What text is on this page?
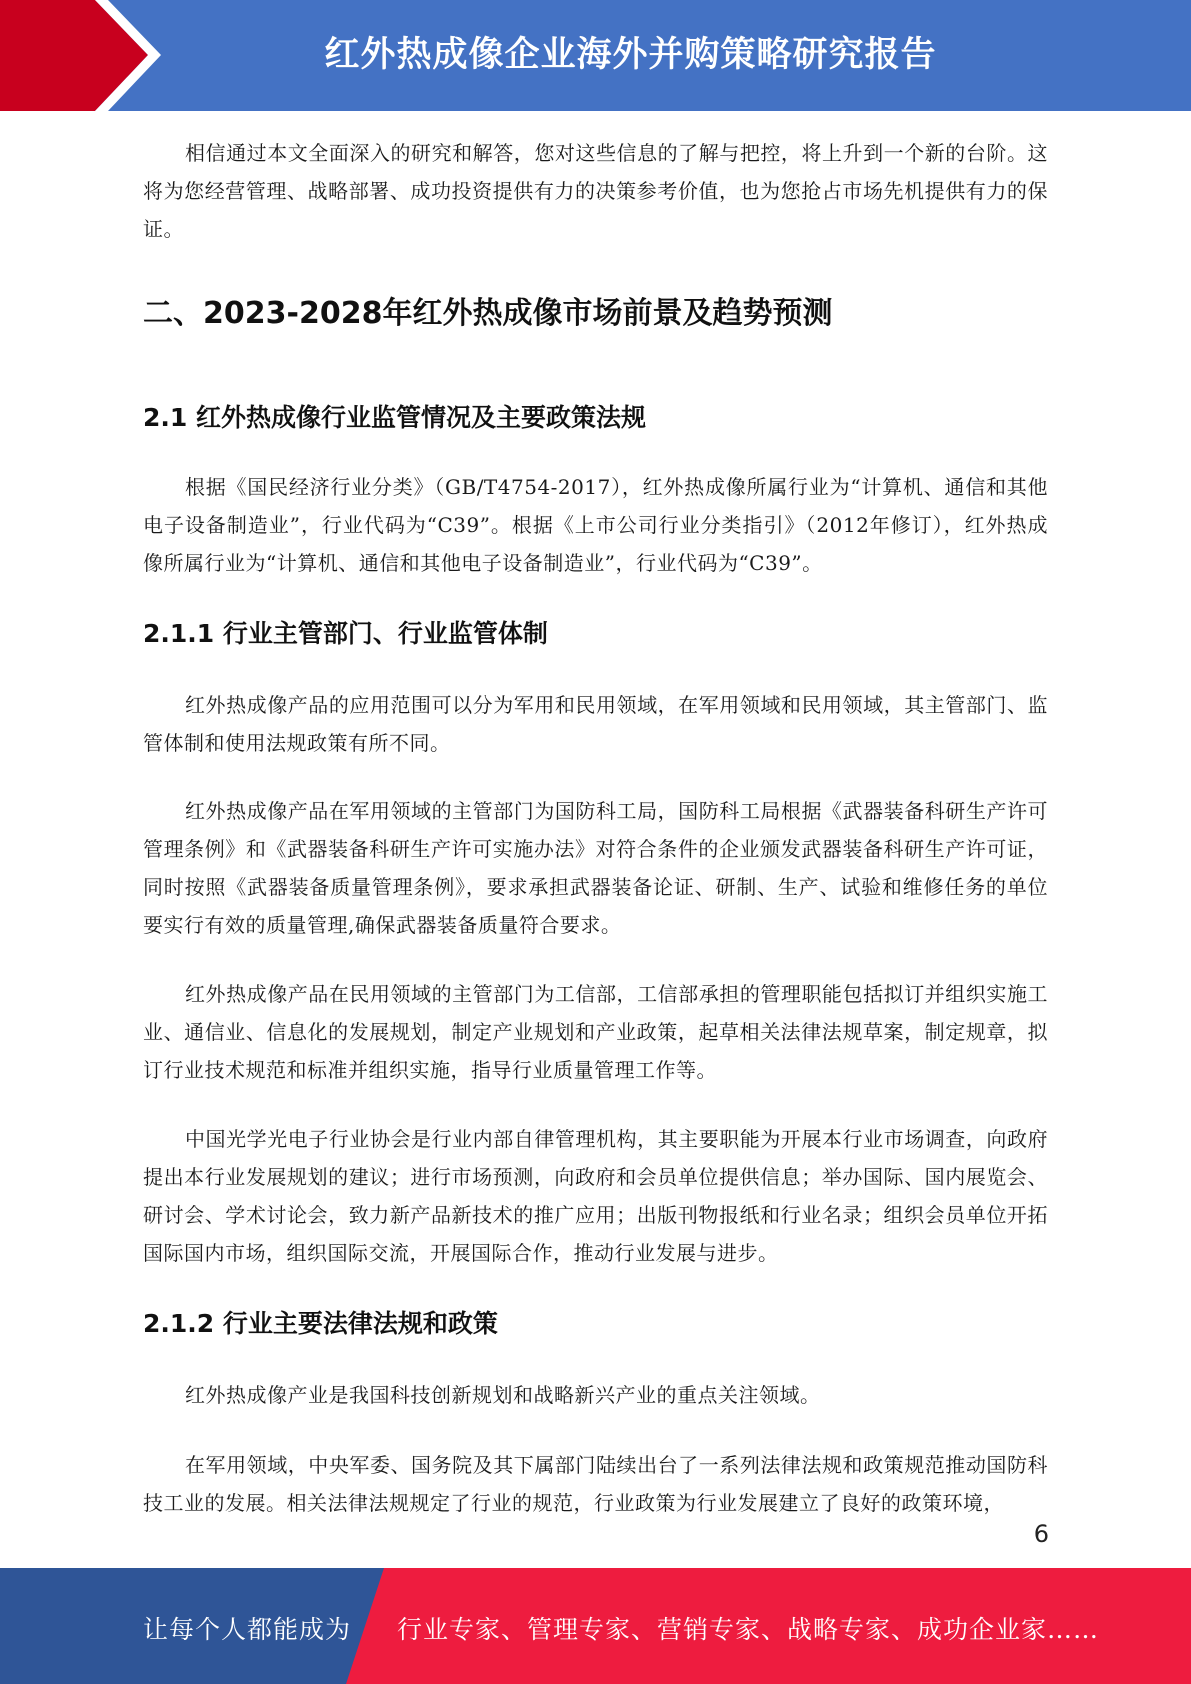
红外热成像企业海外并购策略研究报告

相信通过本文全面深入的研究和解答，您对这些信息的了解与把控，将上升到一个新的台阶。这将为您经营管理、战略部署、成功投资提供有力的决策参考价值，也为您抢占市场先机提供有力的保证。

二、2023-2028年红外热成像市场前景及趋势预测
2.1 红外热成像行业监管情况及主要政策法规

根据《国民经济行业分类》（GB/T4754-2017），红外热成像所属行业为“计算机、通信和其他电子设备制造业”，行业代码为“C39”。根据《上市公司行业分类指引》（2012年修订），红外热成像所属行业为“计算机、通信和其他电子设备制造业”，行业代码为“C39”。

2.1.1 行业主管部门、行业监管体制

红外热成像产品的应用范围可以分为军用和民用领域，在军用领域和民用领域，其主管部门、监管体制和使用法规政策有所不同。

红外热成像产品在军用领域的主管部门为国防科工局，国防科工局根据《武器装备科研生产许可管理条例》和《武器装备科研生产许可实施办法》对符合条件的企业颁发武器装备科研生产许可证，同时按照《武器装备质量管理条例》，要求承担武器装备论证、研制、生产、试验和维修任务的单位要实行有效的质量管理,确保武器装备质量符合要求。

红外热成像产品在民用领域的主管部门为工信部，工信部承担的管理职能包括拟订并组织实施工业、通信业、信息化的发展规划，制定产业规划和产业政策，起草相关法律法规草案，制定规章，拟订行业技术规范和标准并组织实施，指导行业质量管理工作等。

中国光学光电子行业协会是行业内部自律管理机构，其主要职能为开展本行业市场调查，向政府提出本行业发展规划的建议；进行市场预测，向政府和会员单位提供信息；举办国际、国内展览会、研讨会、学术讨论会，致力新产品新技术的推广应用；出版刊物报纸和行业名录；组织会员单位开拓国际国内市场，组织国际交流，开展国际合作，推动行业发展与进步。

2.1.2 行业主要法律法规和政策

红外热成像产业是我国科技创新规划和战略新兴产业的重点关注领域。

在军用领域，中央军委、国务院及其下属部门陆续出台了一系列法律法规和政策规范推动国防科技工业的发展。相关法律法规规定了行业的规范，行业政策为行业发展建立了良好的政策环境，

6
让每个人都能成为 行业专家、管理专家、营销专家、战略专家、成功企业家……
